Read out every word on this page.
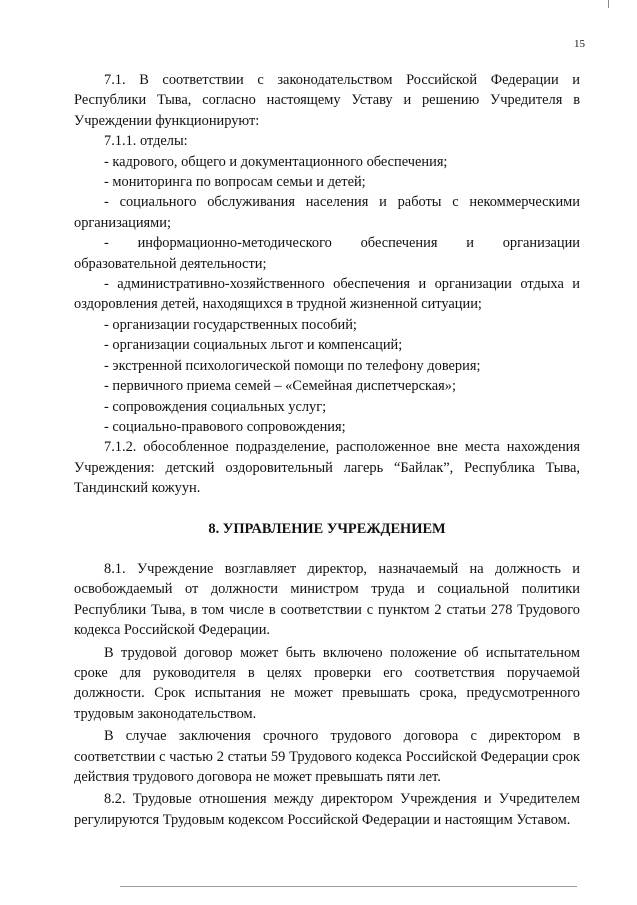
15

7.1. В соответствии с законодательством Российской Федерации и Республики Тыва, согласно настоящему Уставу и решению Учредителя в Учреждении функционируют:

7.1.1. отделы:

- кадрового, общего и документационного обеспечения;

- мониторинга по вопросам семьи и детей;

- социального обслуживания населения и работы с некоммерческими организациями;

- информационно-методического обеспечения и организации образовательной деятельности;

- административно-хозяйственного обеспечения и организации отдыха и оздоровления детей, находящихся в трудной жизненной ситуации;

- организации государственных пособий;

- организации социальных льгот и компенсаций;

- экстренной психологической помощи по телефону доверия;

- первичного приема семей – «Семейная диспетчерская»;

- сопровождения социальных услуг;

- социально-правового сопровождения;

7.1.2. обособленное подразделение, расположенное вне места нахождения Учреждения: детский оздоровительный лагерь “Байлак”, Республика Тыва, Тандинский кожуун.

8. УПРАВЛЕНИЕ УЧРЕЖДЕНИЕМ

8.1. Учреждение возглавляет директор, назначаемый на должность и освобождаемый от должности министром труда и социальной политики Республики Тыва, в том числе в соответствии с пунктом 2 статьи 278 Трудового кодекса Российской Федерации.

В трудовой договор может быть включено положение об испытательном сроке для руководителя в целях проверки его соответствия поручаемой должности. Срок испытания не может превышать срока, предусмотренного трудовым законодательством.

В случае заключения срочного трудового договора с директором в соответствии с частью 2 статьи 59 Трудового кодекса Российской Федерации срок действия трудового договора не может превышать пяти лет.

8.2. Трудовые отношения между директором Учреждения и Учредителем регулируются Трудовым кодексом Российской Федерации и настоящим Уставом.
